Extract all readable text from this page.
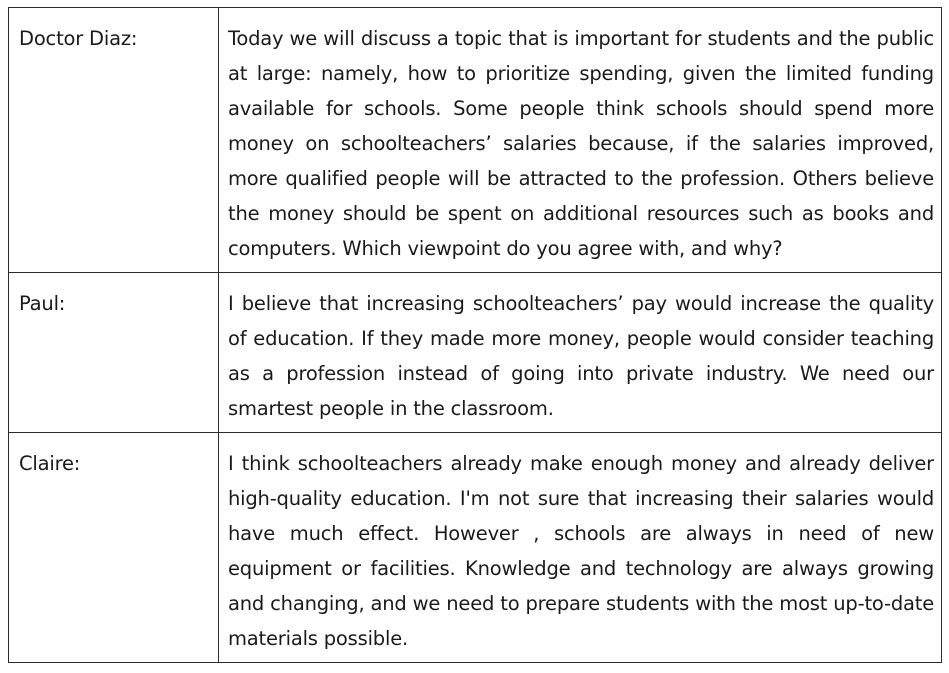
Doctor Diaz:	Today we will discuss a topic that is important for students and the public at large: namely, how to prioritize spending, given the limited funding available for schools. Some people think schools should spend more money on schoolteachers’ salaries because, if the salaries improved, more qualified people will be attracted to the profession. Others believe the money should be spent on additional resources such as books and computers. Which viewpoint do you agree with, and why?
Paul:	I believe that increasing schoolteachers’ pay would increase the quality of education. If they made more money, people would consider teaching as a profession instead of going into private industry. We need our smartest people in the classroom.
Claire:	I think schoolteachers already make enough money and already deliver high-quality education. I'm not sure that increasing their salaries would have much effect. However , schools are always in need of new equipment or facilities. Knowledge and technology are always growing and changing, and we need to prepare students with the most up-to-date materials possible.
